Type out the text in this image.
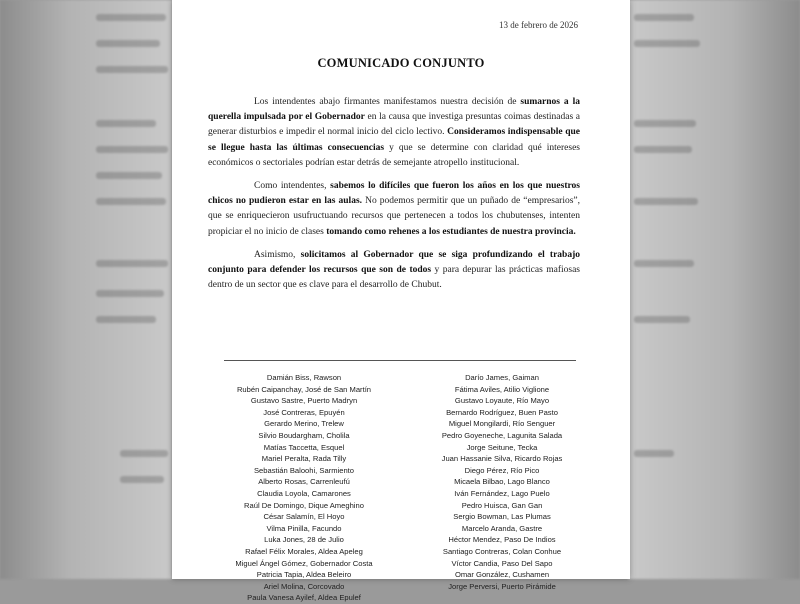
13 de febrero de 2026
COMUNICADO CONJUNTO

Los intendentes abajo firmantes manifestamos nuestra decisión de sumarnos a la querella impulsada por el Gobernador en la causa que investiga presuntas coimas destinadas a generar disturbios e impedir el normal inicio del ciclo lectivo. Consideramos indispensable que se llegue hasta las últimas consecuencias y que se determine con claridad qué intereses económicos o sectoriales podrían estar detrás de semejante atropello institucional.

Como intendentes, sabemos lo difíciles que fueron los años en los que nuestros chicos no pudieron estar en las aulas. No podemos permitir que un puñado de “empresarios”, que se enriquecieron usufructuando recursos que pertenecen a todos los chubutenses, intenten propiciar el no inicio de clases tomando como rehenes a los estudiantes de nuestra provincia.

Asimismo, solicitamos al Gobernador que se siga profundizando el trabajo conjunto para defender los recursos que son de todos y para depurar las prácticas mafiosas dentro de un sector que es clave para el desarrollo de Chubut.

Damián Biss, Rawson
Rubén Caipanchay, José de San Martín
Gustavo Sastre, Puerto Madryn
José Contreras, Epuyén
Gerardo Merino, Trelew
Silvio Boudargham, Cholila
Matías Taccetta, Esquel
Mariel Peralta, Rada Tilly
Sebastián Baloohi, Sarmiento
Alberto Rosas, Carrenleufú
Claudia Loyola, Camarones
Raúl De Domingo, Dique Ameghino
César Salamín, El Hoyo
Vilma Pinilla, Facundo
Luka Jones, 28 de Julio
Rafael Félix Morales, Aldea Apeleg
Miguel Ángel Gómez, Gobernador Costa
Patricia Tapia, Aldea Beleiro
Ariel Molina, Corcovado
Paula Vanesa Ayilef, Aldea Epulef
Darío James, Gaiman
Fátima Aviles, Atilio Viglione
Gustavo Loyaute, Río Mayo
Bernardo Rodríguez, Buen Pasto
Miguel Mongilardi, Río Senguer
Pedro Goyeneche, Lagunita Salada
Jorge Seitune, Tecka
Juan Hassanie Silva, Ricardo Rojas
Diego Pérez, Río Pico
Micaela Bilbao, Lago Blanco
Iván Fernández, Lago Puelo
Pedro Huisca, Gan Gan
Sergio Bowman, Las Plumas
Marcelo Aranda, Gastre
Héctor Mendez, Paso De Indios
Santiago Contreras, Colan Conhue
Víctor Candia, Paso Del Sapo
Omar González, Cushamen
Jorge Perversi, Puerto Pirámide
